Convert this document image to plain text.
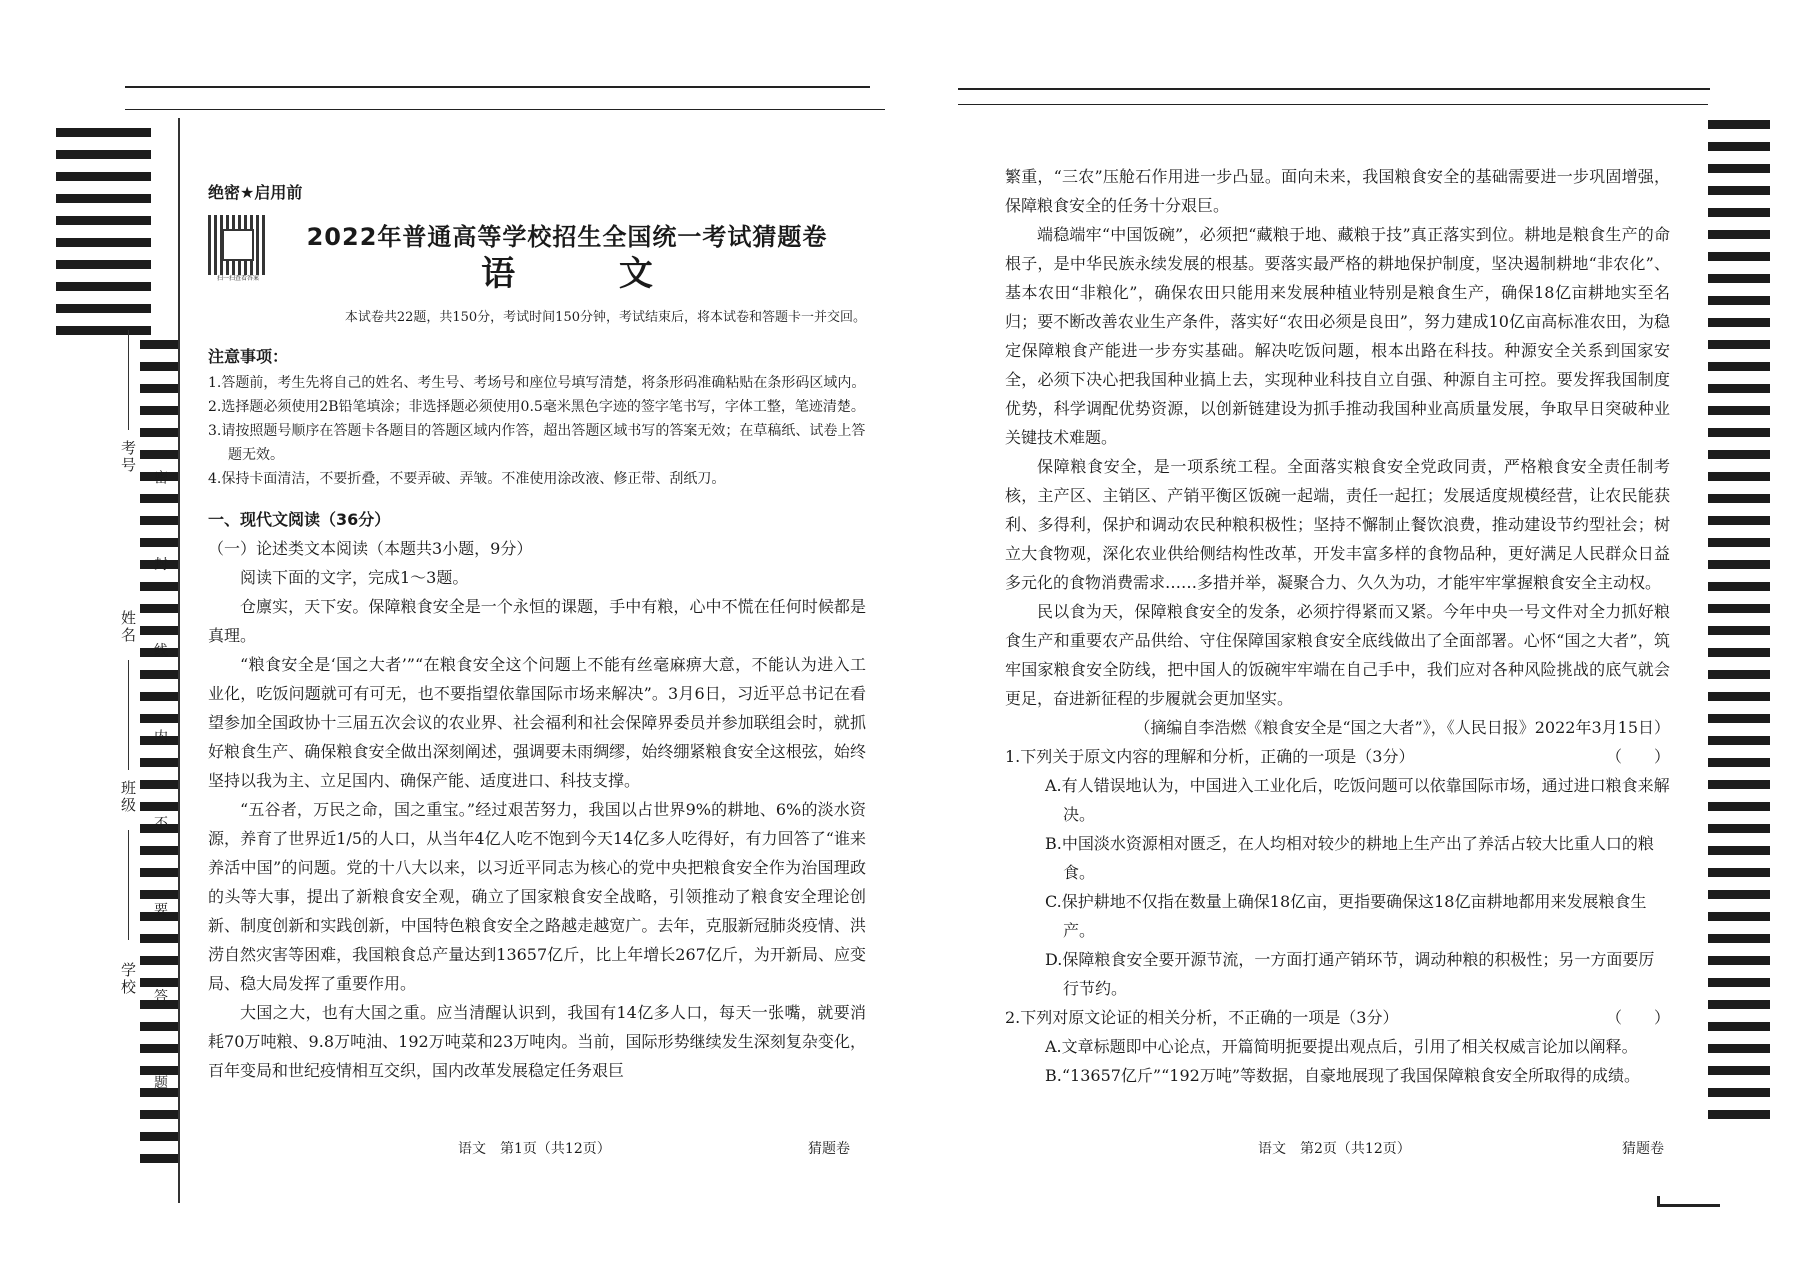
考号
姓名
班级
学校 密 封 线 内 不 要 答 题
绝密★启用前
扫一扫查看答案
2022年普通高等学校招生全国统一考试猜题卷
语 文

本试卷共22题，共150分，考试时间150分钟，考试结束后，将本试卷和答题卡一并交回。

注意事项：

1.答题前，考生先将自己的姓名、考生号、考场号和座位号填写清楚，将条形码准确粘贴在条形码区域内。

2.选择题必须使用2B铅笔填涂；非选择题必须使用0.5毫米黑色字迹的签字笔书写，字体工整，笔迹清楚。

3.请按照题号顺序在答题卡各题目的答题区域内作答，超出答题区域书写的答案无效；在草稿纸、试卷上答题无效。

4.保持卡面清洁，不要折叠，不要弄破、弄皱。不准使用涂改液、修正带、刮纸刀。

一、现代文阅读（36分）
（一）论述类文本阅读（本题共3小题，9分）

阅读下面的文字，完成1～3题。

仓廪实，天下安。保障粮食安全是一个永恒的课题，手中有粮，心中不慌在任何时候都是真理。

“粮食安全是‘国之大者’”“在粮食安全这个问题上不能有丝毫麻痹大意，不能认为进入工业化，吃饭问题就可有可无，也不要指望依靠国际市场来解决”。3月6日，习近平总书记在看望参加全国政协十三届五次会议的农业界、社会福利和社会保障界委员并参加联组会时，就抓好粮食生产、确保粮食安全做出深刻阐述，强调要未雨绸缪，始终绷紧粮食安全这根弦，始终坚持以我为主、立足国内、确保产能、适度进口、科技支撑。

“五谷者，万民之命，国之重宝。”经过艰苦努力，我国以占世界9%的耕地、6%的淡水资源，养育了世界近1/5的人口，从当年4亿人吃不饱到今天14亿多人吃得好，有力回答了“谁来养活中国”的问题。党的十八大以来，以习近平同志为核心的党中央把粮食安全作为治国理政的头等大事，提出了新粮食安全观，确立了国家粮食安全战略，引领推动了粮食安全理论创新、制度创新和实践创新，中国特色粮食安全之路越走越宽广。去年，克服新冠肺炎疫情、洪涝自然灾害等困难，我国粮食总产量达到13657亿斤，比上年增长267亿斤，为开新局、应变局、稳大局发挥了重要作用。

大国之大，也有大国之重。应当清醒认识到，我国有14亿多人口，每天一张嘴，就要消耗70万吨粮、9.8万吨油、192万吨菜和23万吨肉。当前，国际形势继续发生深刻复杂变化，百年变局和世纪疫情相互交织，国内改革发展稳定任务艰巨

语文　第1页（共12页）	猜题卷

繁重，“三农”压舱石作用进一步凸显。面向未来，我国粮食安全的基础需要进一步巩固增强，保障粮食安全的任务十分艰巨。

端稳端牢“中国饭碗”，必须把“藏粮于地、藏粮于技”真正落实到位。耕地是粮食生产的命根子，是中华民族永续发展的根基。要落实最严格的耕地保护制度，坚决遏制耕地“非农化”、基本农田“非粮化”，确保农田只能用来发展种植业特别是粮食生产，确保18亿亩耕地实至名归；要不断改善农业生产条件，落实好“农田必须是良田”，努力建成10亿亩高标准农田，为稳定保障粮食产能进一步夯实基础。解决吃饭问题，根本出路在科技。种源安全关系到国家安全，必须下决心把我国种业搞上去，实现种业科技自立自强、种源自主可控。要发挥我国制度优势，科学调配优势资源，以创新链建设为抓手推动我国种业高质量发展，争取早日突破种业关键技术难题。

保障粮食安全，是一项系统工程。全面落实粮食安全党政同责，严格粮食安全责任制考核，主产区、主销区、产销平衡区饭碗一起端，责任一起扛；发展适度规模经营，让农民能获利、多得利，保护和调动农民种粮积极性；坚持不懈制止餐饮浪费，推动建设节约型社会；树立大食物观，深化农业供给侧结构性改革，开发丰富多样的食物品种，更好满足人民群众日益多元化的食物消费需求……多措并举，凝聚合力、久久为功，才能牢牢掌握粮食安全主动权。

民以食为天，保障粮食安全的发条，必须拧得紧而又紧。今年中央一号文件对全力抓好粮食生产和重要农产品供给、守住保障国家粮食安全底线做出了全面部署。心怀“国之大者”，筑牢国家粮食安全防线，把中国人的饭碗牢牢端在自己手中，我们应对各种风险挑战的底气就会更足，奋进新征程的步履就会更加坚实。

（摘编自李浩燃《粮食安全是“国之大者”》，《人民日报》2022年3月15日）

1.下列关于原文内容的理解和分析，正确的一项是（3分）	（　　）

A.有人错误地认为，中国进入工业化后，吃饭问题可以依靠国际市场，通过进口粮食来解决。

B.中国淡水资源相对匮乏，在人均相对较少的耕地上生产出了养活占较大比重人口的粮食。

C.保护耕地不仅指在数量上确保18亿亩，更指要确保这18亿亩耕地都用来发展粮食生产。

D.保障粮食安全要开源节流，一方面打通产销环节，调动种粮的积极性；另一方面要厉行节约。

2.下列对原文论证的相关分析，不正确的一项是（3分）	（　　）

A.文章标题即中心论点，开篇简明扼要提出观点后，引用了相关权威言论加以阐释。

B.“13657亿斤”“192万吨”等数据，自豪地展现了我国保障粮食安全所取得的成绩。

语文　第2页（共12页）	猜题卷
